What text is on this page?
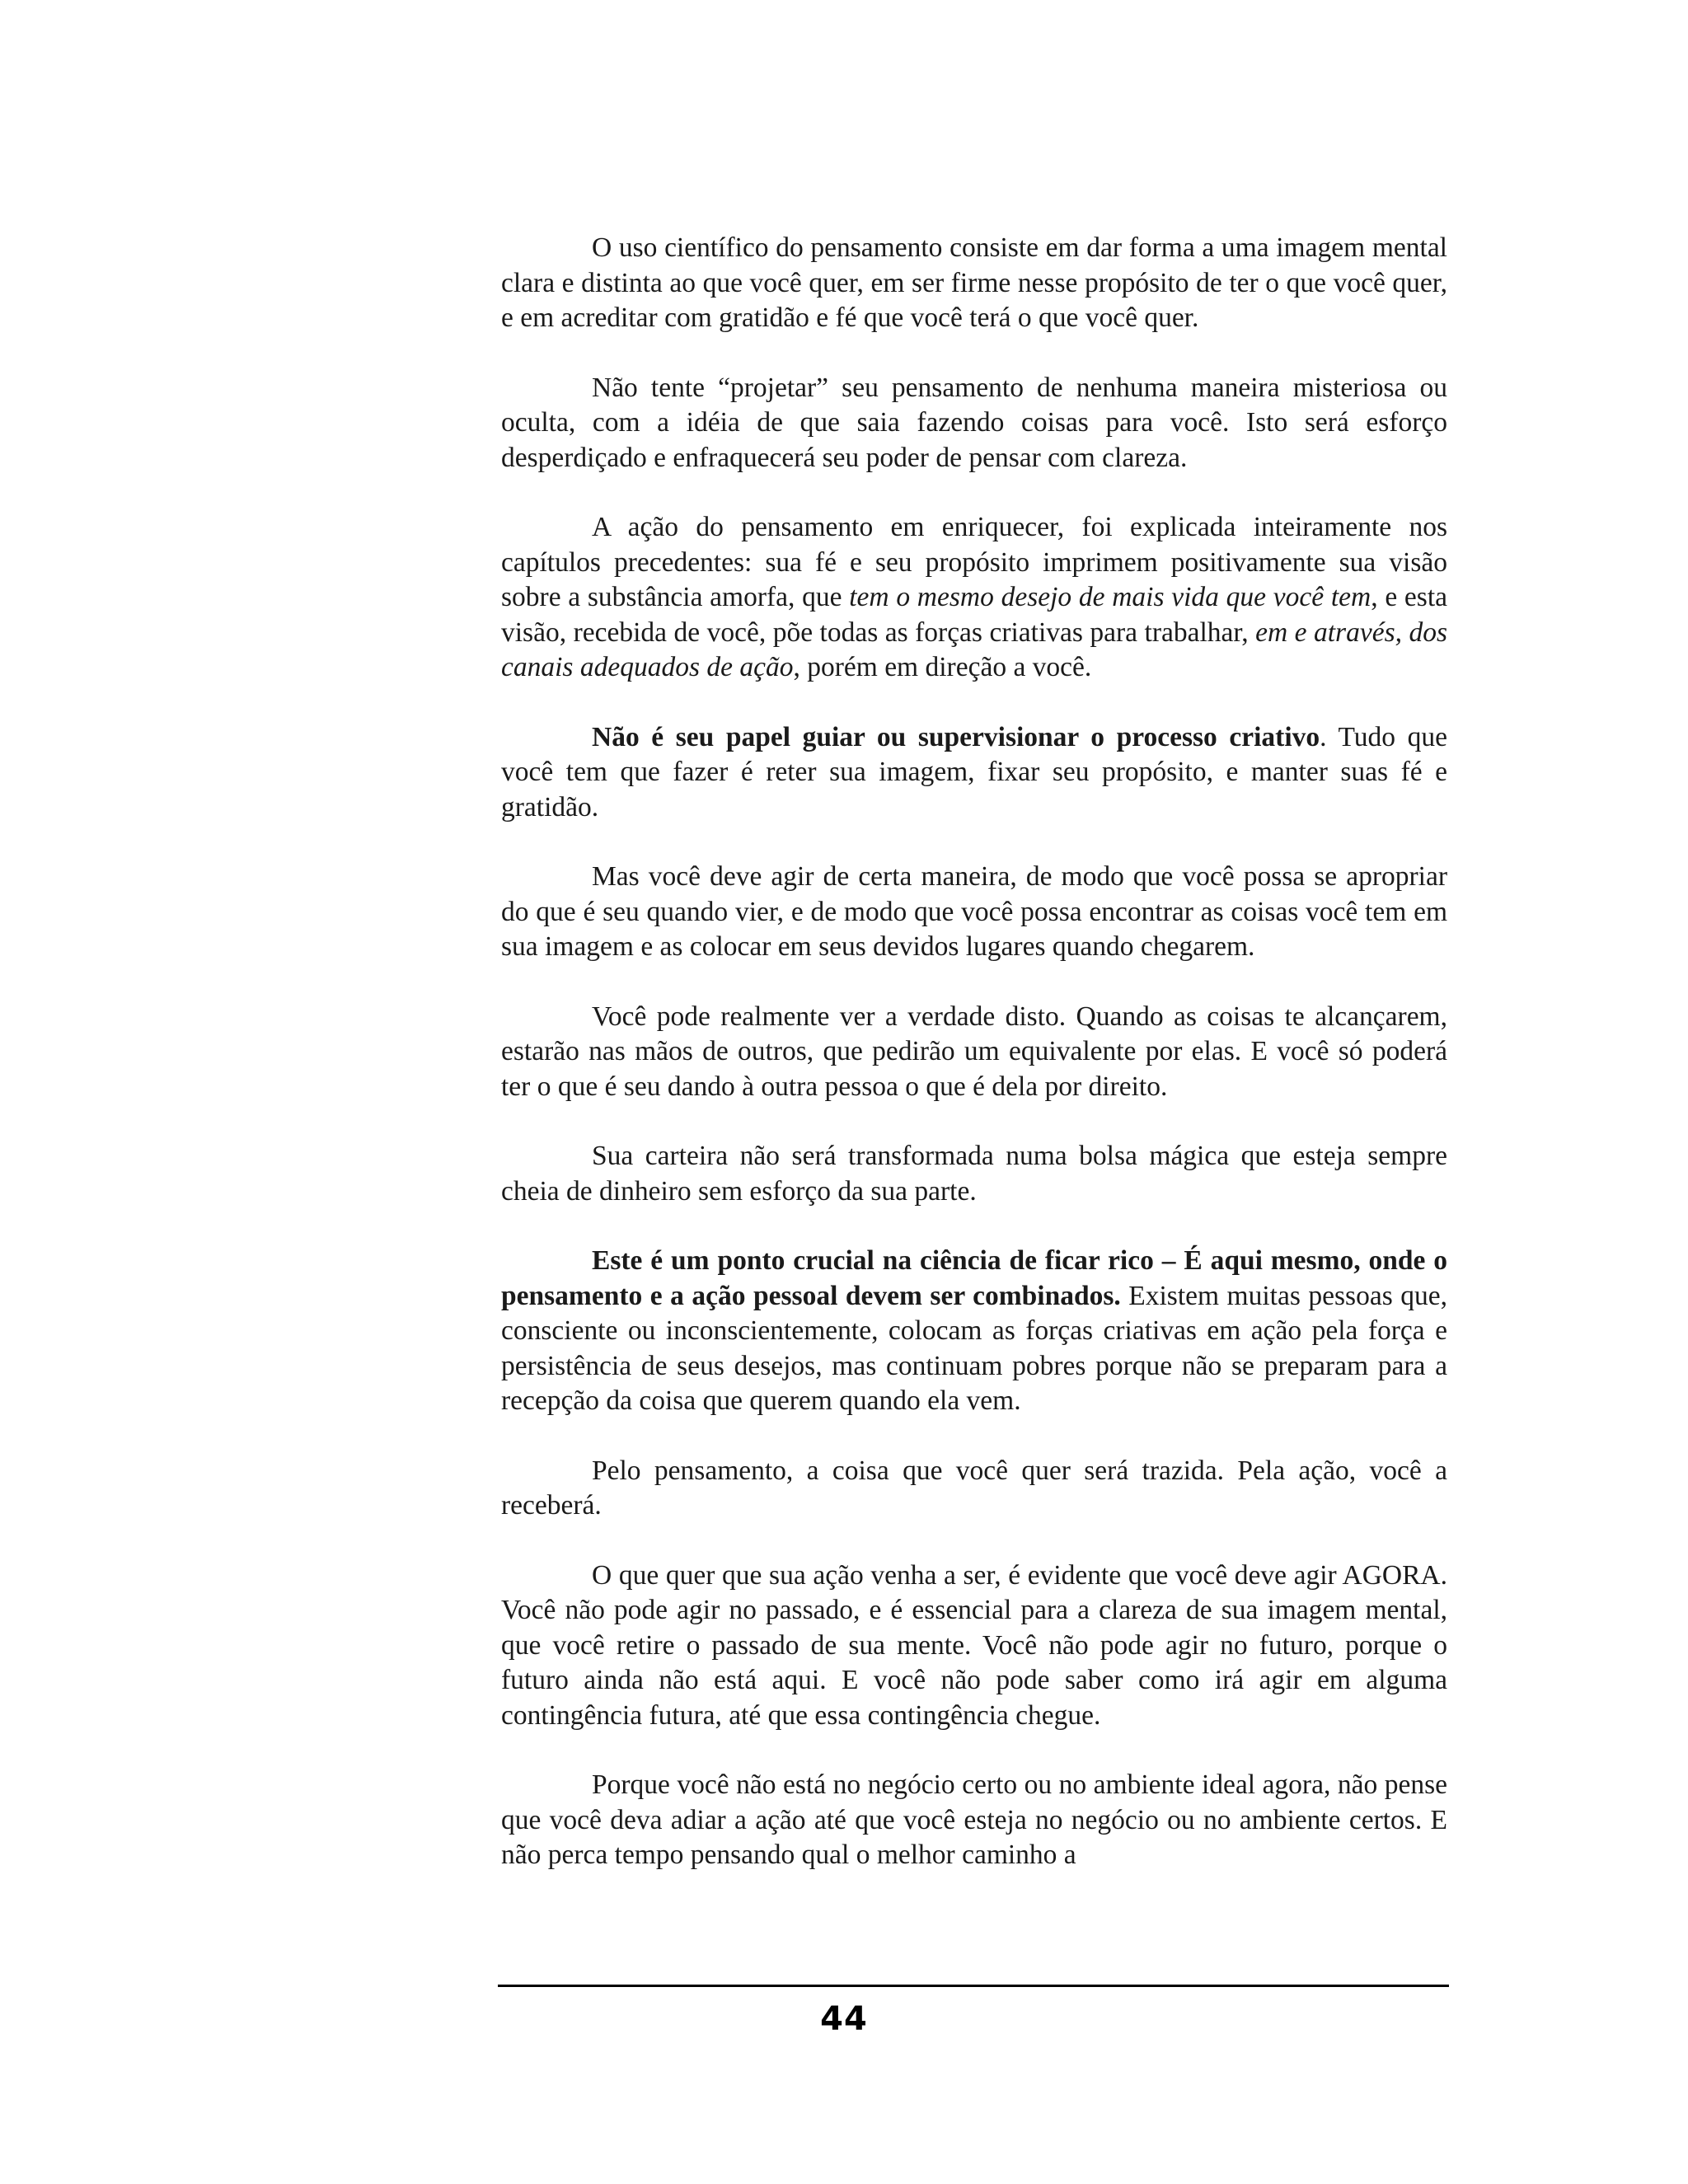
O uso científico do pensamento consiste em dar forma a uma imagem mental clara e distinta ao que você quer, em ser firme nesse propósito de ter o que você quer, e em acreditar com gratidão e fé que você terá o que você quer.

Não tente “projetar” seu pensamento de nenhuma maneira misteriosa ou oculta, com a idéia de que saia fazendo coisas para você. Isto será esforço desperdiçado e enfraquecerá seu poder de pensar com clareza.

A ação do pensamento em enriquecer, foi explicada inteiramente nos capítulos precedentes: sua fé e seu propósito imprimem positivamente sua visão sobre a substância amorfa, que tem o mesmo desejo de mais vida que você tem, e esta visão, recebida de você, põe todas as forças criativas para trabalhar, em e através, dos canais adequados de ação, porém em direção a você.

Não é seu papel guiar ou supervisionar o processo criativo. Tudo que você tem que fazer é reter sua imagem, fixar seu propósito, e manter suas fé e gratidão.

Mas você deve agir de certa maneira, de modo que você possa se apropriar do que é seu quando vier, e de modo que você possa encontrar as coisas você tem em sua imagem e as colocar em seus devidos lugares quando chegarem.

Você pode realmente ver a verdade disto. Quando as coisas te alcançarem, estarão nas mãos de outros, que pedirão um equivalente por elas. E você só poderá ter o que é seu dando à outra pessoa o que é dela por direito.

Sua carteira não será transformada numa bolsa mágica que esteja sempre cheia de dinheiro sem esforço da sua parte.

Este é um ponto crucial na ciência de ficar rico – É aqui mesmo, onde o pensamento e a ação pessoal devem ser combinados. Existem muitas pessoas que, consciente ou inconscientemente, colocam as forças criativas em ação pela força e persistência de seus desejos, mas continuam pobres porque não se preparam para a recepção da coisa que querem quando ela vem.

Pelo pensamento, a coisa que você quer será trazida. Pela ação, você a receberá.

O que quer que sua ação venha a ser, é evidente que você deve agir AGORA. Você não pode agir no passado, e é essencial para a clareza de sua imagem mental, que você retire o passado de sua mente. Você não pode agir no futuro, porque o futuro ainda não está aqui. E você não pode saber como irá agir em alguma contingência futura, até que essa contingência chegue.

Porque você não está no negócio certo ou no ambiente ideal agora, não pense que você deva adiar a ação até que você esteja no negócio ou no ambiente certos. E não perca tempo pensando qual o melhor caminho a

44
